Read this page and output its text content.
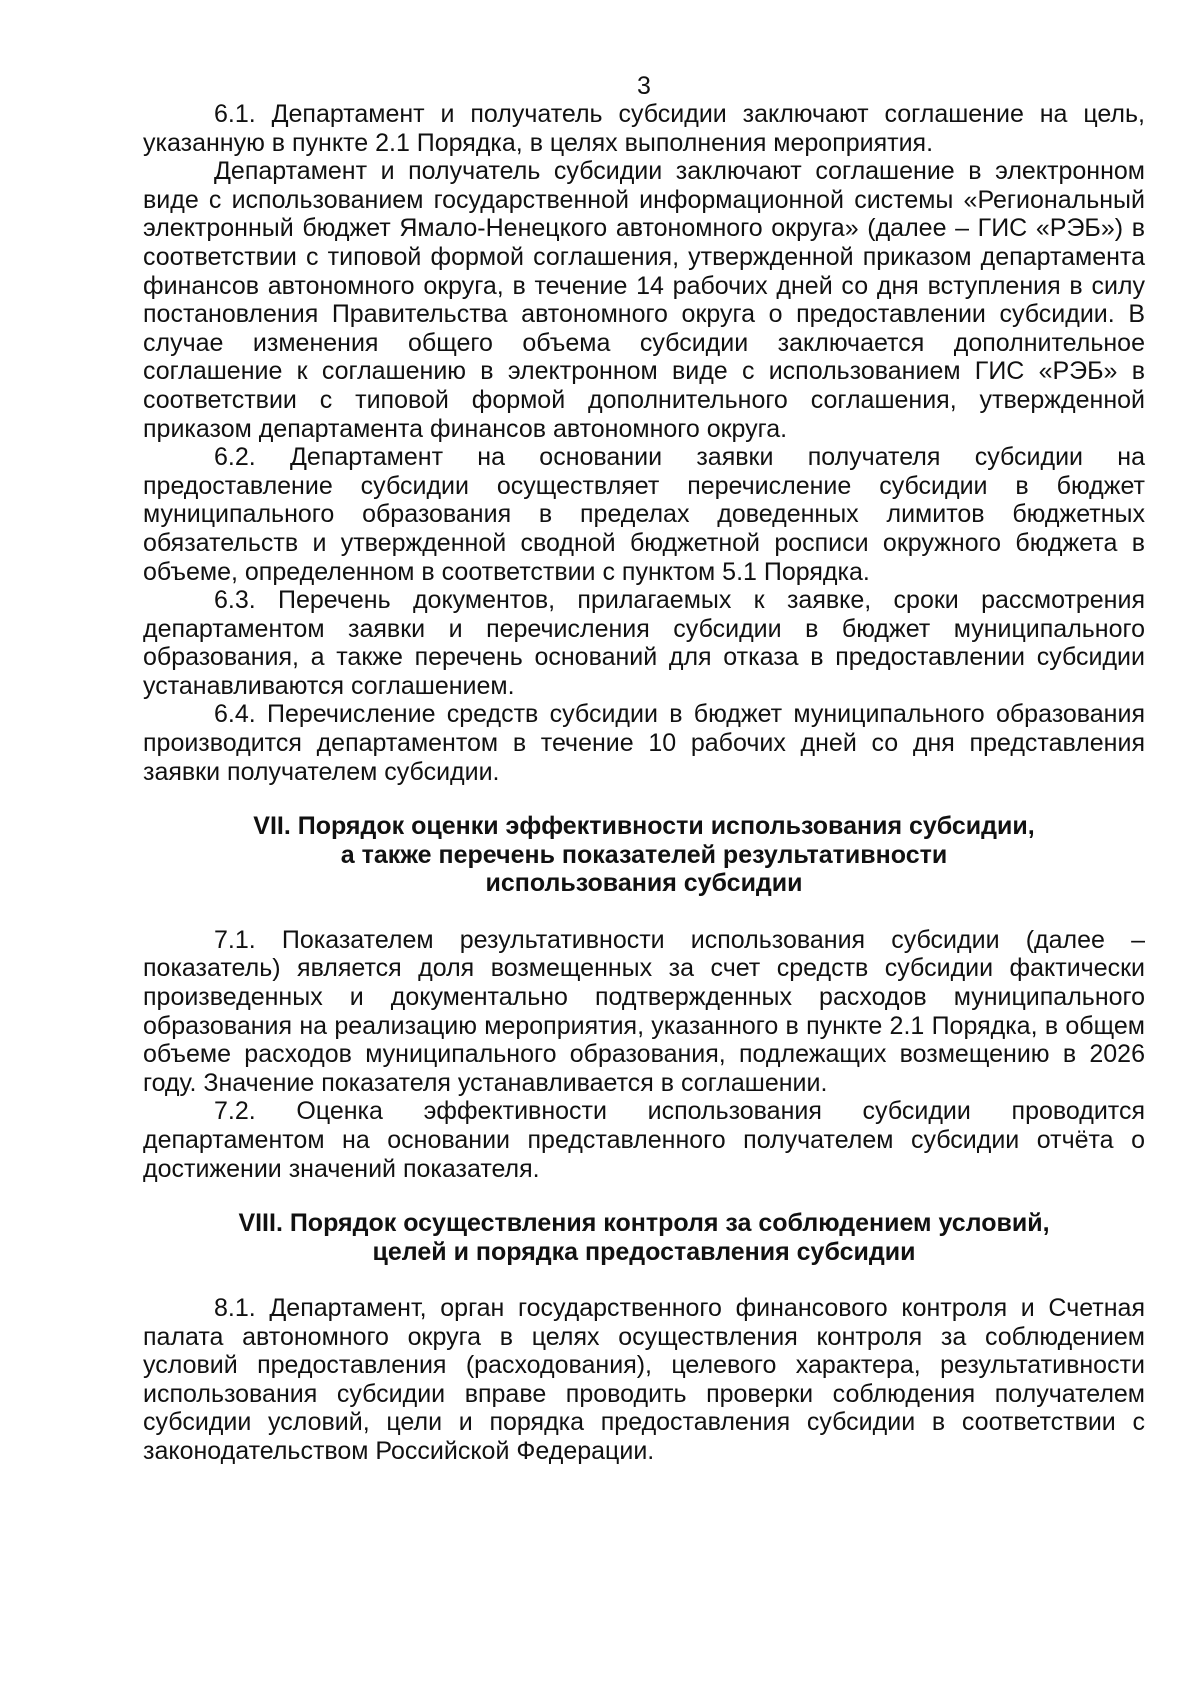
3

6.1. Департамент и получатель субсидии заключают соглашение на цель, указанную в пункте 2.1 Порядка, в целях выполнения мероприятия.

Департамент и получатель субсидии заключают соглашение в электронном виде с использованием государственной информационной системы «Региональный электронный бюджет Ямало-Ненецкого автономного округа» (далее – ГИС «РЭБ») в соответствии с типовой формой соглашения, утвержденной приказом департамента финансов автономного округа, в течение 14 рабочих дней со дня вступления в силу постановления Правительства автономного округа о предоставлении субсидии. В случае изменения общего объема субсидии заключается дополнительное соглашение к соглашению в электронном виде с использованием ГИС «РЭБ» в соответствии с типовой формой дополнительного соглашения, утвержденной приказом департамента финансов автономного округа.

6.2. Департамент на основании заявки получателя субсидии на предоставление субсидии осуществляет перечисление субсидии в бюджет муниципального образования в пределах доведенных лимитов бюджетных обязательств и утвержденной сводной бюджетной росписи окружного бюджета в объеме, определенном в соответствии с пунктом 5.1 Порядка.

6.3. Перечень документов, прилагаемых к заявке, сроки рассмотрения департаментом заявки и перечисления субсидии в бюджет муниципального образования, а также перечень оснований для отказа в предоставлении субсидии устанавливаются соглашением.

6.4. Перечисление средств субсидии в бюджет муниципального образования производится департаментом в течение 10 рабочих дней со дня представления заявки получателем субсидии.

VII. Порядок оценки эффективности использования субсидии,
а также перечень показателей результативности
использования субсидии

7.1. Показателем результативности использования субсидии (далее – показатель) является доля возмещенных за счет средств субсидии фактически произведенных и документально подтвержденных расходов муниципального образования на реализацию мероприятия, указанного в пункте 2.1 Порядка, в общем объеме расходов муниципального образования, подлежащих возмещению в 2026 году. Значение показателя устанавливается в соглашении.

7.2. Оценка эффективности использования субсидии проводится департаментом на основании представленного получателем субсидии отчёта о достижении значений показателя.

VIII. Порядок осуществления контроля за соблюдением условий,
целей и порядка предоставления субсидии

8.1. Департамент, орган государственного финансового контроля и Счетная палата автономного округа в целях осуществления контроля за соблюдением условий предоставления (расходования), целевого характера, результативности использования субсидии вправе проводить проверки соблюдения получателем субсидии условий, цели и порядка предоставления субсидии в соответствии с законодательством Российской Федерации.
